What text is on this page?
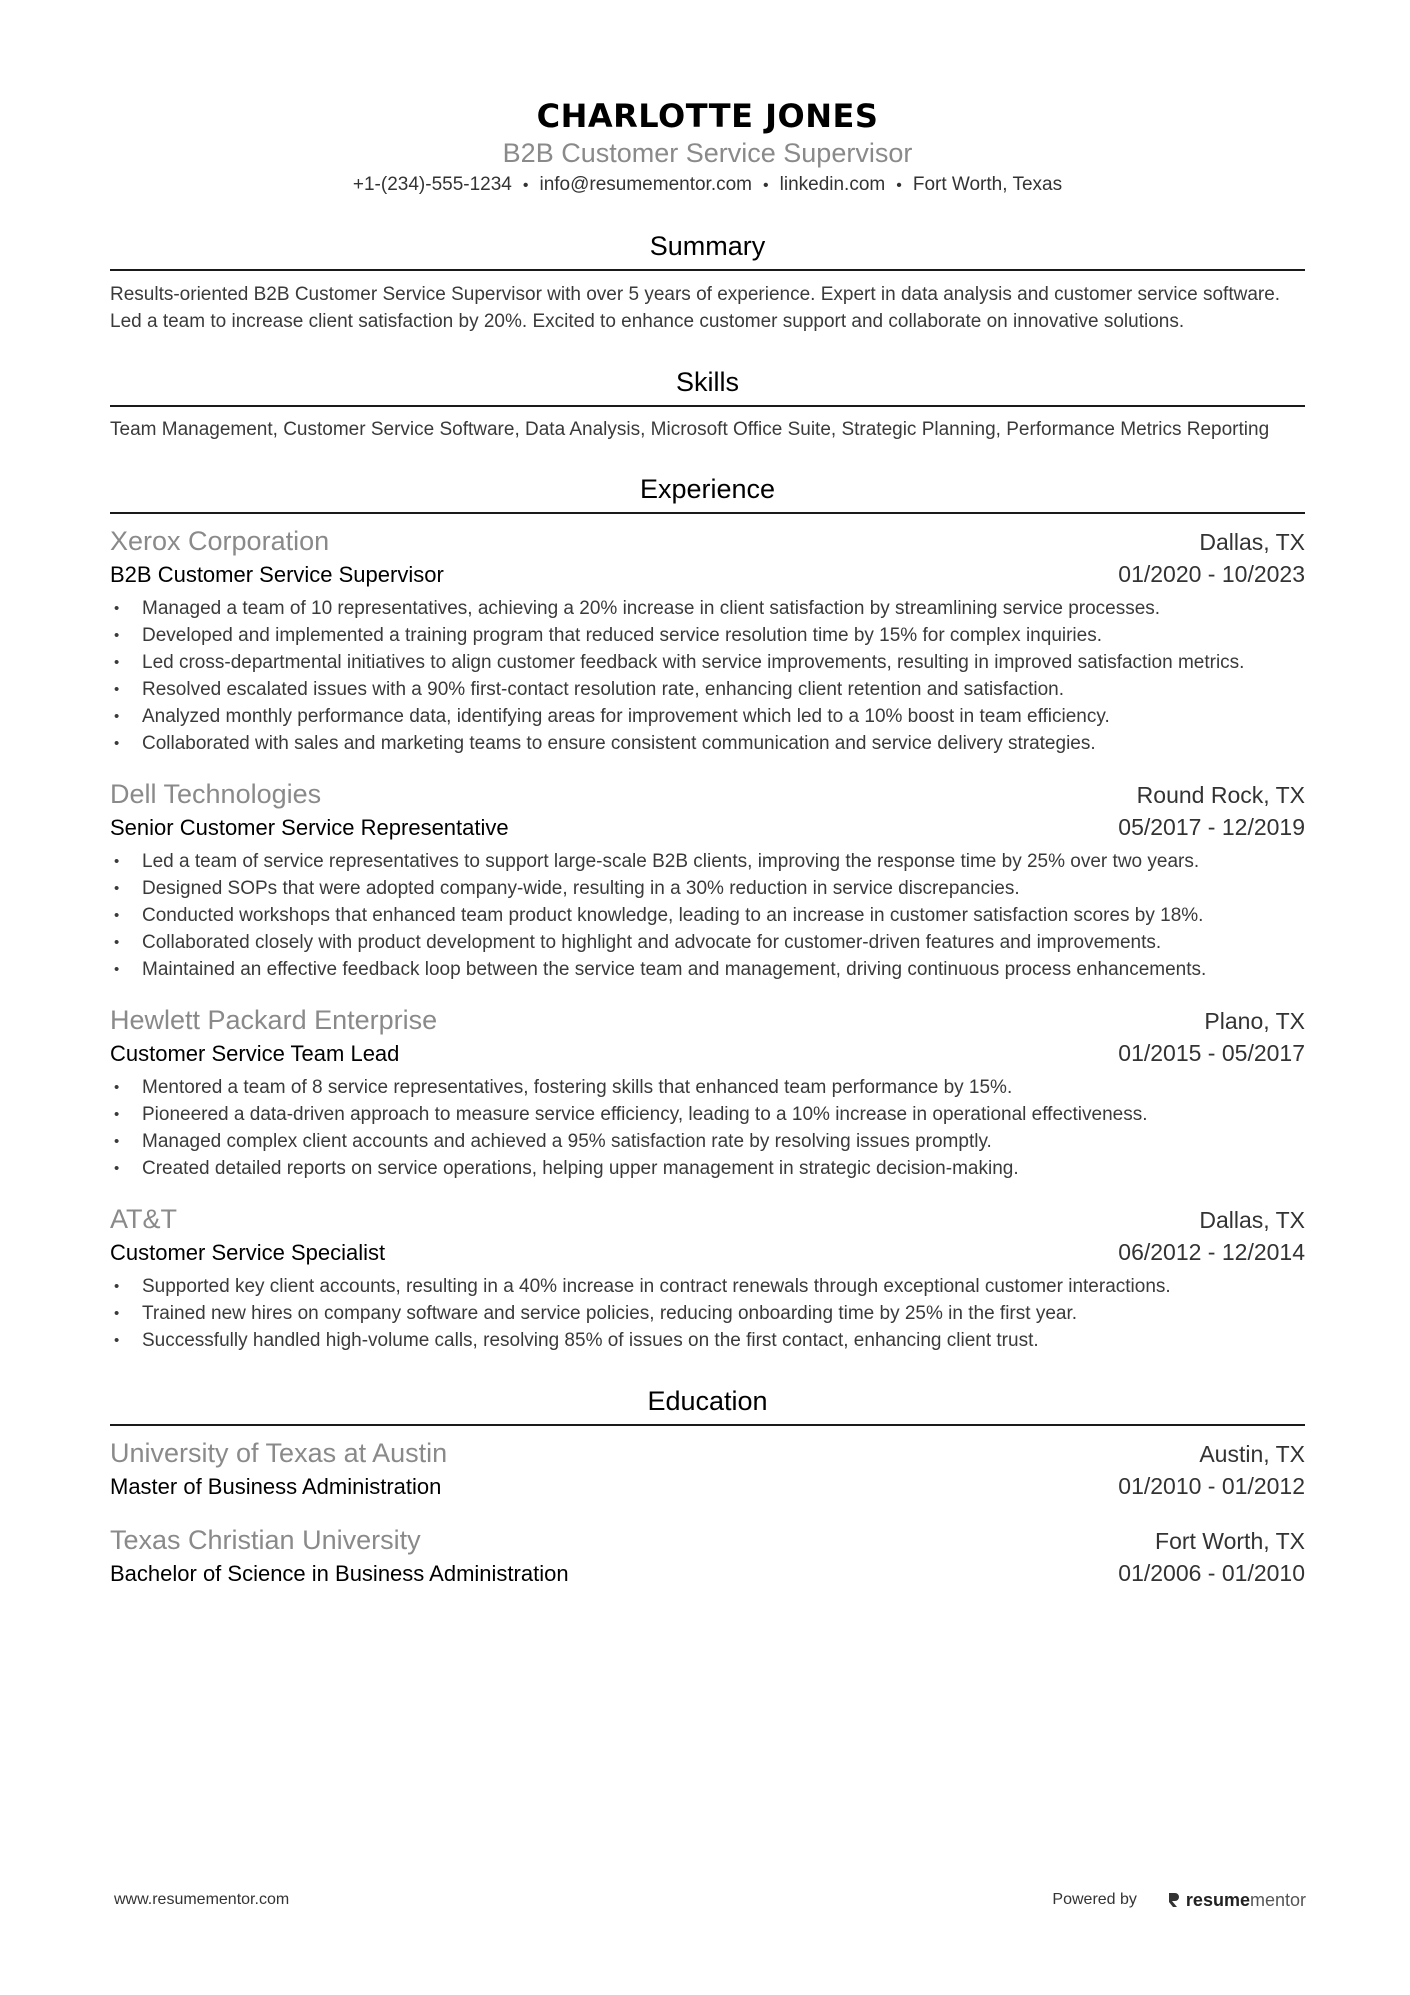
CHARLOTTE JONES
B2B Customer Service Supervisor
+1-(234)-555-1234 • info@resumementor.com • linkedin.com • Fort Worth, Texas
Summary
Results-oriented B2B Customer Service Supervisor with over 5 years of experience. Expert in data analysis and customer service software. Led a team to increase client satisfaction by 20%. Excited to enhance customer support and collaborate on innovative solutions.
Skills
Team Management, Customer Service Software, Data Analysis, Microsoft Office Suite, Strategic Planning, Performance Metrics Reporting
Experience
Xerox Corporation	Dallas, TX
B2B Customer Service Supervisor	01/2020 - 10/2023
• Managed a team of 10 representatives, achieving a 20% increase in client satisfaction by streamlining service processes.
• Developed and implemented a training program that reduced service resolution time by 15% for complex inquiries.
• Led cross-departmental initiatives to align customer feedback with service improvements, resulting in improved satisfaction metrics.
• Resolved escalated issues with a 90% first-contact resolution rate, enhancing client retention and satisfaction.
• Analyzed monthly performance data, identifying areas for improvement which led to a 10% boost in team efficiency.
• Collaborated with sales and marketing teams to ensure consistent communication and service delivery strategies.
Dell Technologies	Round Rock, TX
Senior Customer Service Representative	05/2017 - 12/2019
• Led a team of service representatives to support large-scale B2B clients, improving the response time by 25% over two years.
• Designed SOPs that were adopted company-wide, resulting in a 30% reduction in service discrepancies.
• Conducted workshops that enhanced team product knowledge, leading to an increase in customer satisfaction scores by 18%.
• Collaborated closely with product development to highlight and advocate for customer-driven features and improvements.
• Maintained an effective feedback loop between the service team and management, driving continuous process enhancements.
Hewlett Packard Enterprise	Plano, TX
Customer Service Team Lead	01/2015 - 05/2017
• Mentored a team of 8 service representatives, fostering skills that enhanced team performance by 15%.
• Pioneered a data-driven approach to measure service efficiency, leading to a 10% increase in operational effectiveness.
• Managed complex client accounts and achieved a 95% satisfaction rate by resolving issues promptly.
• Created detailed reports on service operations, helping upper management in strategic decision-making.
AT&T	Dallas, TX
Customer Service Specialist	06/2012 - 12/2014
• Supported key client accounts, resulting in a 40% increase in contract renewals through exceptional customer interactions.
• Trained new hires on company software and service policies, reducing onboarding time by 25% in the first year.
• Successfully handled high-volume calls, resolving 85% of issues on the first contact, enhancing client trust.
Education
University of Texas at Austin	Austin, TX
Master of Business Administration	01/2010 - 01/2012
Texas Christian University	Fort Worth, TX
Bachelor of Science in Business Administration	01/2006 - 01/2010
www.resumementor.com	Powered by	resume mentor
